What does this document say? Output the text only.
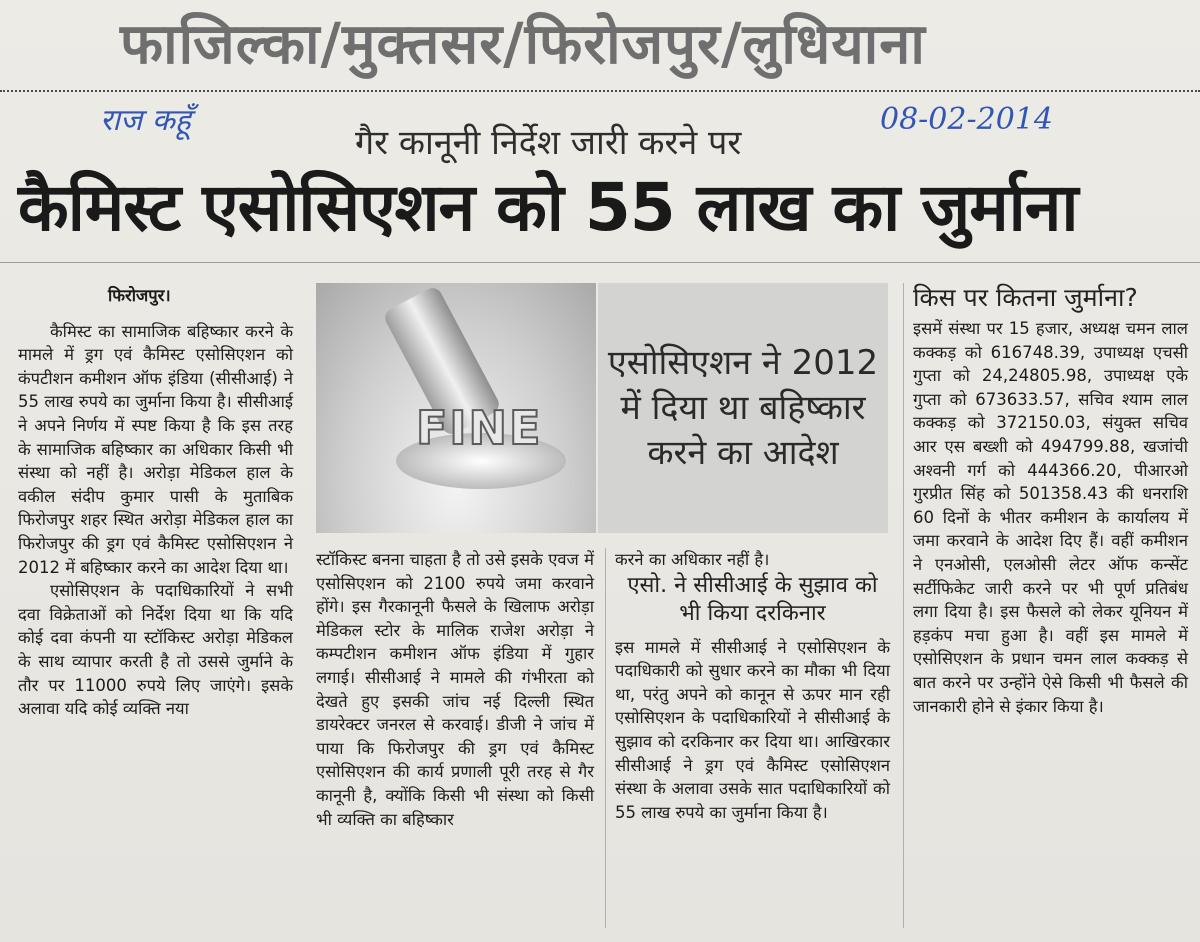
फाजिल्का/मुक्तसर/फिरोजपुर/लुधियाना
राज कहूँ	08-02-2014
गैर कानूनी निर्देश जारी करने पर
कैमिस्ट एसोसिएशन को 55 लाख का जुर्माना

फिरोजपुर।

कैमिस्ट का सामाजिक बहिष्कार करने के मामले में ड्रग एवं कैमिस्ट एसोसिएशन को कंपटीशन कमीशन ऑफ इंडिया (सीसीआई) ने 55 लाख रुपये का जुर्माना किया है। सीसीआई ने अपने निर्णय में स्पष्ट किया है कि इस तरह के सामाजिक बहिष्कार का अधिकार किसी भी संस्था को नहीं है। अरोड़ा मेडिकल हाल के वकील संदीप कुमार पासी के मुताबिक फिरोजपुर शहर स्थित अरोड़ा मेडिकल हाल का फिरोजपुर की ड्रग एवं कैमिस्ट एसोसिएशन ने 2012 में बहिष्कार करने का आदेश दिया था।

एसोसिएशन के पदाधिकारियों ने सभी दवा विक्रेताओं को निर्देश दिया था कि यदि कोई दवा कंपनी या स्टॉकिस्ट अरोड़ा मेडिकल के साथ व्यापार करती है तो उससे जुर्माने के तौर पर 11000 रुपये लिए जाएंगे। इसके अलावा यदि कोई व्यक्ति नया

FINE
एसोसिएशन ने 2012 में दिया था बहिष्कार करने का आदेश

स्टॉकिस्ट बनना चाहता है तो उसे इसके एवज में एसोसिएशन को 2100 रुपये जमा करवाने होंगे। इस गैरकानूनी फैसले के खिलाफ अरोड़ा मेडिकल स्टोर के मालिक राजेश अरोड़ा ने कम्पटीशन कमीशन ऑफ इंडिया में गुहार लगाई। सीसीआई ने मामले की गंभीरता को देखते हुए इसकी जांच नई दिल्ली स्थित डायरेक्टर जनरल से करवाई। डीजी ने जांच में पाया कि फिरोजपुर की ड्रग एवं कैमिस्ट एसोसिएशन की कार्य प्रणाली पूरी तरह से गैर कानूनी है, क्योंकि किसी भी संस्था को किसी भी व्यक्ति का बहिष्कार

करने का अधिकार नहीं है।

एसो. ने सीसीआई के सुझाव को भी किया दरकिनार

इस मामले में सीसीआई ने एसोसिएशन के पदाधिकारी को सुधार करने का मौका भी दिया था, परंतु अपने को कानून से ऊपर मान रही एसोसिएशन के पदाधिकारियों ने सीसीआई के सुझाव को दरकिनार कर दिया था। आखिरकार सीसीआई ने ड्रग एवं कैमिस्ट एसोसिएशन संस्था के अलावा उसके सात पदाधिकारियों को 55 लाख रुपये का जुर्माना किया है।

किस पर कितना जुर्माना?

इसमें संस्था पर 15 हजार, अध्यक्ष चमन लाल कक्कड़ को 616748.39, उपाध्यक्ष एचसी गुप्ता को 24,24805.98, उपाध्यक्ष एके गुप्ता को 673633.57, सचिव श्याम लाल कक्कड़ को 372150.03, संयुक्त सचिव आर एस बख्शी को 494799.88, खजांची अश्वनी गर्ग को 444366.20, पीआरओ गुरप्रीत सिंह को 501358.43 की धनराशि 60 दिनों के भीतर कमीशन के कार्यालय में जमा करवाने के आदेश दिए हैं। वहीं कमीशन ने एनओसी, एलओसी लेटर ऑफ कन्सेंट सर्टीफिकेट जारी करने पर भी पूर्ण प्रतिबंध लगा दिया है। इस फैसले को लेकर यूनियन में हड़कंप मचा हुआ है। वहीं इस मामले में एसोसिएशन के प्रधान चमन लाल कक्कड़ से बात करने पर उन्होंने ऐसे किसी भी फैसले की जानकारी होने से इंकार किया है।
